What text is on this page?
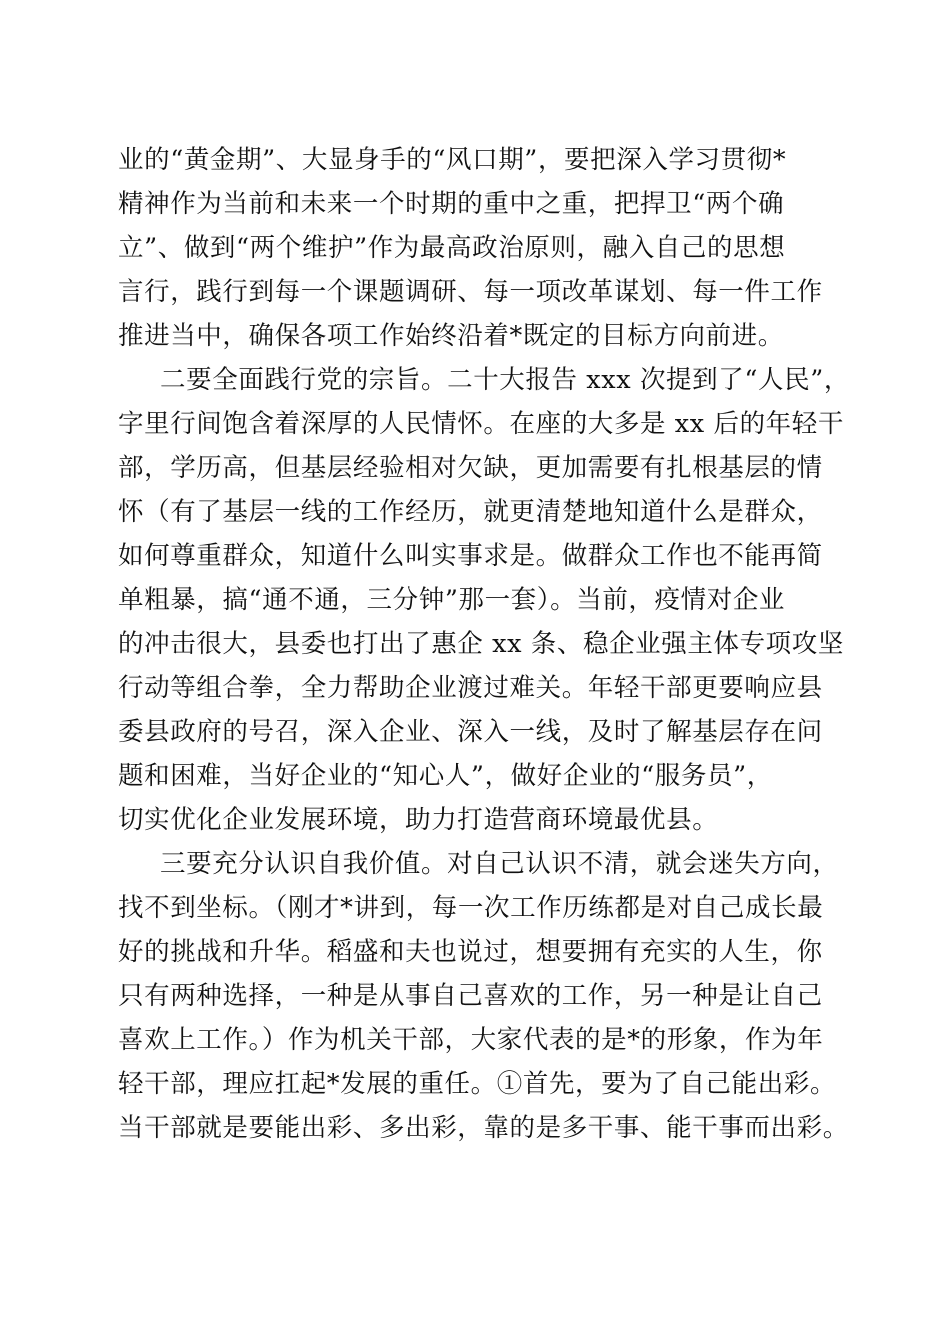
业的“黄金期”、大显身手的“风口期”，要把深入学习贯彻*
精神作为当前和未来一个时期的重中之重，把捍卫“两个确
立”、做到“两个维护”作为最高政治原则，融入自己的思想
言行，践行到每一个课题调研、每一项改革谋划、每一件工作
推进当中，确保各项工作始终沿着*既定的目标方向前进。
二要全面践行党的宗旨。二十大报告 xxx 次提到了“人民”，
字里行间饱含着深厚的人民情怀。在座的大多是 xx 后的年轻干
部，学历高，但基层经验相对欠缺，更加需要有扎根基层的情
怀（有了基层一线的工作经历，就更清楚地知道什么是群众，
如何尊重群众，知道什么叫实事求是。做群众工作也不能再简
单粗暴，搞“通不通，三分钟”那一套）。当前，疫情对企业
的冲击很大，县委也打出了惠企 xx 条、稳企业强主体专项攻坚
行动等组合拳，全力帮助企业渡过难关。年轻干部更要响应县
委县政府的号召，深入企业、深入一线，及时了解基层存在问
题和困难，当好企业的“知心人”，做好企业的“服务员”，
切实优化企业发展环境，助力打造营商环境最优县。
三要充分认识自我价值。对自己认识不清，就会迷失方向，
找不到坐标。（刚才*讲到，每一次工作历练都是对自己成长最
好的挑战和升华。稻盛和夫也说过，想要拥有充实的人生，你
只有两种选择，一种是从事自己喜欢的工作，另一种是让自己
喜欢上工作。）作为机关干部，大家代表的是*的形象，作为年
轻干部，理应扛起*发展的重任。①首先，要为了自己能出彩。
当干部就是要能出彩、多出彩，靠的是多干事、能干事而出彩。
